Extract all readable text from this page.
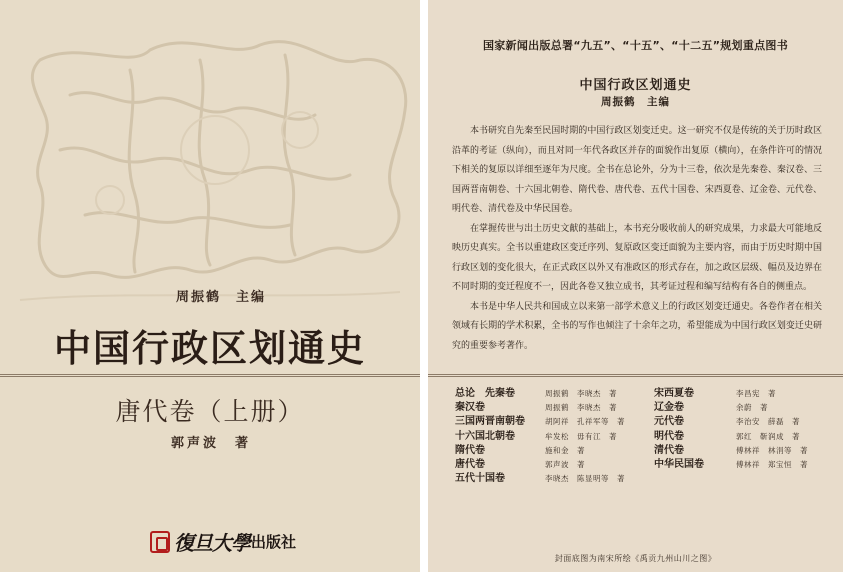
周振鹤　主编
中国行政区划通史
唐代卷（上册）
郭声波　著
復旦大學 出版社
国家新闻出版总署“九五”、“十五”、“十二五”规划重点图书
中国行政区划通史
周振鹤　主编

本书研究自先秦至民国时期的中国行政区划变迁史。这一研究不仅是传统的关于历时政区沿革的考证（纵向），而且对同一年代各政区并存的面貌作出复原（横向），在条件许可的情况下相关的复原以详细至逐年为尺度。全书在总论外，分为十三卷，依次是先秦卷、秦汉卷、三国两晋南朝卷、十六国北朝卷、隋代卷、唐代卷、五代十国卷、宋西夏卷、辽金卷、元代卷、明代卷、清代卷及中华民国卷。

在掌握传世与出土历史文献的基础上，本书充分吸收前人的研究成果，力求最大可能地反映历史真实。全书以重建政区变迁序列、复原政区变迁面貌为主要内容，而由于历史时期中国行政区划的变化很大，在正式政区以外又有准政区的形式存在，加之政区层级、幅员及边界在不同时期的变迁程度不一，因此各卷又独立成书，其考证过程和编写结构有各自的侧重点。

本书是中华人民共和国成立以来第一部学术意义上的行政区划变迁通史。各卷作者在相关领域有长期的学术积累，全书的写作也倾注了十余年之功，希望能成为中国行政区划变迁史研究的重要参考著作。

总论　先秦卷	周振鹤　李晓杰　著
秦汉卷	周振鹤　李晓杰　著
三国两晋南朝卷	胡阿祥　孔祥军等　著
十六国北朝卷	牟发松　毋有江　著
隋代卷	施和金　著
唐代卷	郭声波　著
五代十国卷	李晓杰　陈显明等　著
宋西夏卷	李昌宪　著
辽金卷	余蔚　著
元代卷	李治安　薛磊　著
明代卷	郭红　靳润成　著
清代卷	傅林祥　林涓等　著
中华民国卷	傅林祥　郑宝恒　著
封面底图为南宋所绘《禹贡九州山川之图》
